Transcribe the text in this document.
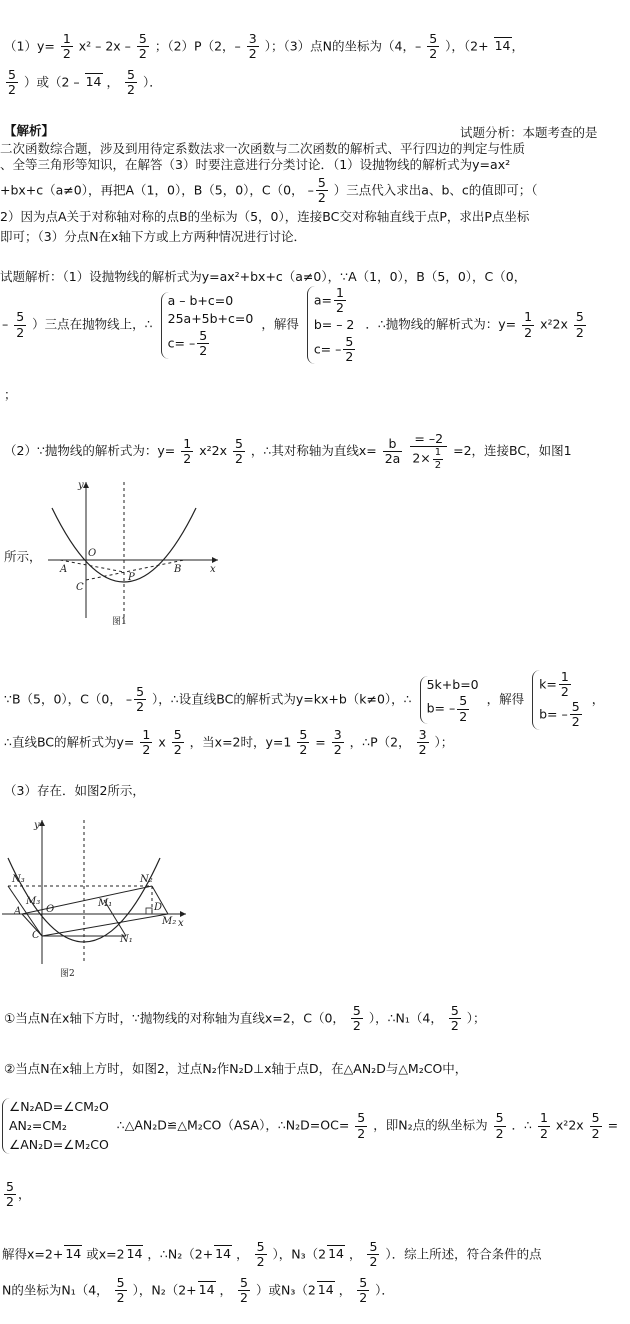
$(1)y= \frac{1}{2} x^2 - 2x - \frac{5}{2}$ ；（2）P（2，– $\frac{3}{2}$ ）；（3）点N的坐标为（4，– $\frac{5}{2}$ ），（2+ 14，
$\frac{5}{2}$ ）或（2 – 14 ， $\frac{5}{2}$ ）．
【解析】	试题分析：本题考查的是
二次函数综合题，涉及到用待定系数法求一次函数与二次函数的解析式、平行四边的判定与性质
、全等三角形等知识，在解答（3）时要注意进行分类讨论．（1）设抛物线的解析式为y=ax²
+bx+c（a≠0），再把A（1，0），B（5，0），C（0， – $\frac{5}{2}$ ）三点代入求出a、b、c的值即可；（
2）因为点A关于对称轴对称的点B的坐标为（5，0），连接BC交对称轴直线于点P，求出P点坐标
即可；（3）分点N在x轴下方或上方两种情况进行讨论．
试题解析：（1）设抛物线的解析式为y=ax²+bx+c（a≠0），∵A（1，0），B（5，0），C（0，
– $\frac{5}{2}$ ）三点在抛物线上，∴
a – b+c=0
25a+5b+c=0
$c= - \frac{5}{2}$
，解得
$a= \frac{1}{2}$
b= – 2
$c= - \frac{5}{2}$
．∴抛物线的解析式为：$y= \frac{1}{2} x^22x \frac{5}{2}$
；
（2）∵抛物线的解析式为：$y= \frac{1}{2} x^22x \frac{5}{2}$ ，∴其对称轴为直线$x= \frac{b}{2a}$
$\frac{= -2}{2\times \frac{1}{2}} =2$，连接BC，如图1
所示，
y
x
O
A	B
C
P
图1
∵B（5，0），C（0， – $\frac{5}{2}$ ），∴设直线BC的解析式为y=kx+b（k≠0），∴
5k+b=0
$b= - \frac{5}{2}$ ，解得
$k= \frac{1}{2}$
$b= - \frac{5}{2}$
，
∴直线BC的解析式为$y= \frac{1}{2}$ x $\frac{5}{2}$ ，当x=2时，$y=1 \frac{5}{2} = \frac{3}{2}$ ，∴P（2， $\frac{3}{2}$ ）；
（3）存在．如图2所示，
y
x
O
A
C
D
M₁
M₂
M₃
N₁
N₂
N₃
图2
①当点N在x轴下方时，∵抛物线的对称轴为直线x=2，C（0， $\frac{5}{2}$ ），∴N₁（4， $\frac{5}{2}$ ）；
②当点N在x轴上方时，如图2，过点N₂作N₂D⊥x轴于点D，在△AN₂D与△M₂CO中，
∠N₂AD=∠CM₂O
AN₂=CM₂
∠AN₂D=∠M₂CO
∴△AN₂D≌△M₂CO（ASA），∴N₂D=OC= $\frac{5}{2}$ ，即N₂点的纵坐标为 $\frac{5}{2}$ ．∴ $\frac{1}{2} x^22x \frac{5}{2}$ =
$\frac{5}{2}$ ，
解得x=2+ 14 或x=2 14 ，∴N₂（2+ 14 ， $\frac{5}{2}$ ），N₃（2 14 ， $\frac{5}{2}$ ）．综上所述，符合条件的点
N的坐标为N₁（4， $\frac{5}{2}$ ），N₂（2+ 14 ， $\frac{5}{2}$ ）或N₃（2 14 ， $\frac{5}{2}$ ）．
